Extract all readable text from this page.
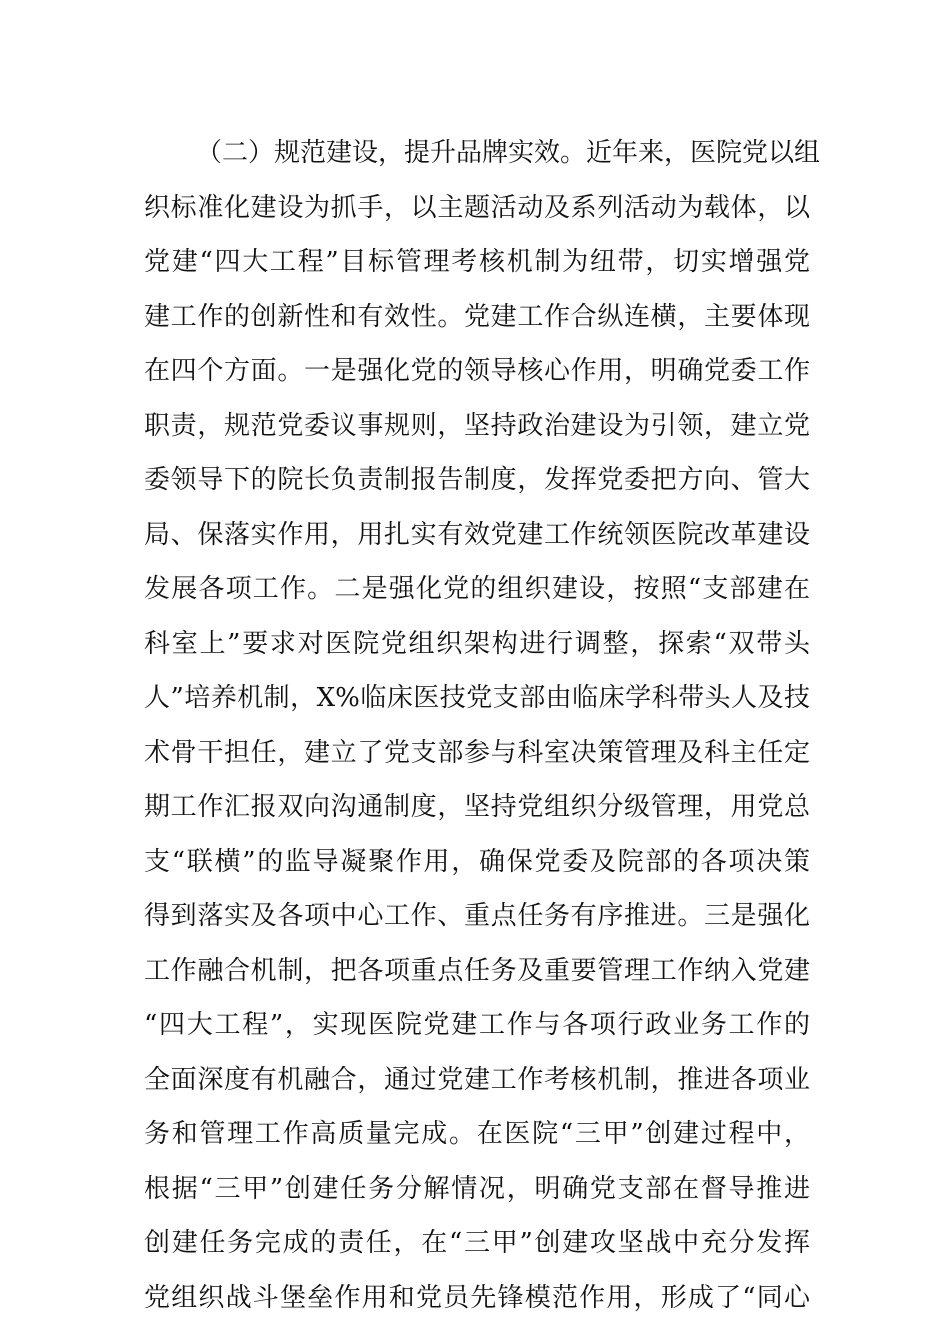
（二）规范建设，提升品牌实效。近年来，医院党以组
织标准化建设为抓手，以主题活动及系列活动为载体，以
党建“四大工程”目标管理考核机制为纽带，切实增强党
建工作的创新性和有效性。党建工作合纵连横，主要体现
在四个方面。一是强化党的领导核心作用，明确党委工作
职责，规范党委议事规则，坚持政治建设为引领，建立党
委领导下的院长负责制报告制度，发挥党委把方向、管大
局、保落实作用，用扎实有效党建工作统领医院改革建设
发展各项工作。二是强化党的组织建设，按照“支部建在
科室上”要求对医院党组织架构进行调整，探索“双带头
人”培养机制，X%临床医技党支部由临床学科带头人及技
术骨干担任，建立了党支部参与科室决策管理及科主任定
期工作汇报双向沟通制度，坚持党组织分级管理，用党总
支“联横”的监导凝聚作用，确保党委及院部的各项决策
得到落实及各项中心工作、重点任务有序推进。三是强化
工作融合机制，把各项重点任务及重要管理工作纳入党建
“四大工程”，实现医院党建工作与各项行政业务工作的
全面深度有机融合，通过党建工作考核机制，推进各项业
务和管理工作高质量完成。在医院“三甲”创建过程中，
根据“三甲”创建任务分解情况，明确党支部在督导推进
创建任务完成的责任，在“三甲”创建攻坚战中充分发挥
党组织战斗堡垒作用和党员先锋模范作用，形成了“同心
